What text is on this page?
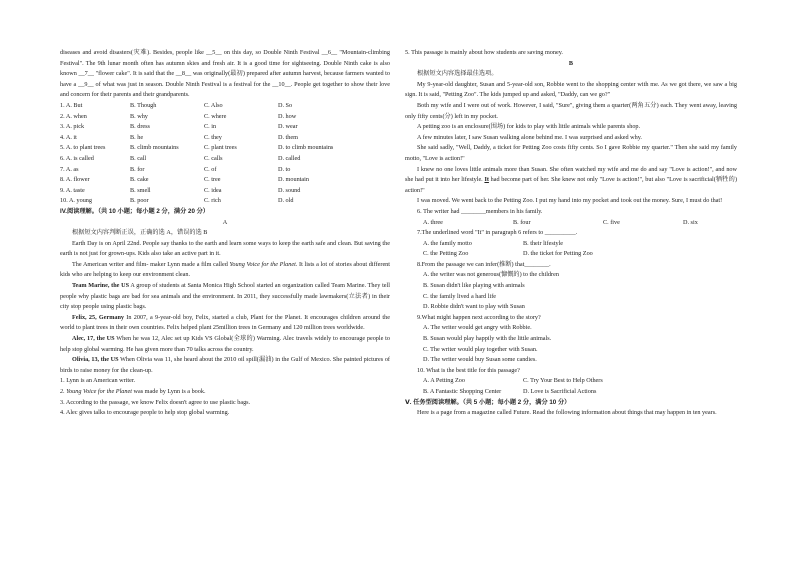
diseases and avoid disasters(灾难). Besides, people like __5__ on this day, so Double Ninth Festival __6__ "Mountain-climbing Festival". The 9th lunar month often has autumn skies and fresh air. It is a good time for sightseeing. Double Ninth cake is also known __7__ "flower cake". It is said that the __8__ was originally(最初) prepared after autumn harvest, because farmers wanted to have a __9__ of what was just in season. Double Ninth Festival is a festival for the __10__. People get together to show their love and concern for their parents and their grandparents.

1. A. But	B. Though	C. Also	D. So
2. A. when	B. why	C. where	D. how
3. A. pick	B. dress	C. in	D. wear
4. A. it	B. he	C. they	D. them
5. A. to plant trees	B. climb mountains	C. plant trees	D. to climb mountains
6. A. is called	B. call	C. calls	D. called
7. A. as	B. for	C. of	D. to
8. A. flower	B. cake	C. tree	D. mountain
9. A. taste	B. smell	C. idea	D. sound
10. A. young	B. poor	C. rich	D. old

IV.阅读理解。（共 10 小题；每小题 2 分，满分 20 分）

A

根据短文内容判断正误，正确的选 A，错误的选 B

Earth Day is on April 22nd. People say thanks to the earth and learn some ways to keep the earth safe and clean. But saving the earth is not just for grown-ups. Kids also take an active part in it.

The American writer and film- maker Lynn made a film called Young Voice for the Planet. It lists a lot of stories about different kids who are helping to keep our environment clean.

Team Marine, the US A group of students at Santa Monica High School started an organization called Team Marine. They tell people why plastic bags are bad for sea animals and the environment. In 2011, they successfully made lawmakers(立法者) in their city stop people using plastic bags.

Felix, 25, Germany In 2007, a 9-year-old boy, Felix, started a club, Plant for the Planet. It encourages children around the world to plant trees in their own countries. Felix helped plant 25million trees in Germany and 120 million trees worldwide.

Alec, 17, the US When he was 12, Alec set up Kids VS Global(全球的) Warming. Alec travels widely to encourage people to help stop global warming. He has given more than 70 talks across the country.

Olivia, 13, the US When Olivia was 11, she heard about the 2010 oil spill(漏油) in the Gulf of Mexico. She painted pictures of birds to raise money for the clean-up.

1. Lynn is an American writer.

2. Young Voice for the Planet was made by Lynn is a book.

3. According to the passage, we know Felix doesn't agree to use plastic bags.

4. Alec gives talks to encourage people to help stop global warming.

5. This passage is mainly about how students are saving money.

B

根据短文内容选择最佳选项。

My 9-year-old daughter, Susan and 5-year-old son, Robbie went to the shopping center with me. As we got there, we saw a big sign. It is said, "Petting Zoo". The kids jumped up and asked, "Daddy, can we go?"

Both my wife and I were out of work. However, I said, "Sure", giving them a quarter(两角五分) each. They went away, leaving only fifty cents(分) left in my pocket.

A petting zoo is an enclosure(围场) for kids to play with little animals while parents shop.

A few minutes later, I saw Susan walking alone behind me. I was surprised and asked why.

She said sadly, "Well, Daddy, a ticket for Petting Zoo costs fifty cents. So I gave Robbie my quarter." Then she said my family motto, "Love is action!"

I knew no one loves little animals more than Susan. She often watched my wife and me do and say "Love is action!", and now she had put it into her lifestyle. It had become part of her. She knew not only "Love is action!", but also "Love is sacrificial(牺牲的) action!"

I was moved. We went back to the Petting Zoo. I put my hand into my pocket and took out the money. Sure, I must do that!

6. The writer had ________members in his family.

A. three	B. four	C. five	D. six

7.The underlined word "It" in paragraph 6 refers to __________.

A. the family motto	B. their lifestyle
C. the Petting Zoo	D. the ticket for Petting Zoo

8.From the passage we can infer(推断) that________.

A. the writer was not generous(慷慨的) to the children

B. Susan didn't like playing with animals

C. the family lived a hard life

D. Robbie didn't want to play with Susan

9.What might happen next according to the story?

A. The writer would get angry with Robbie.

B. Susan would play happily with the little animals.

C. The writer would play together with Susan.

D. The writer would buy Susan some candies.

10. What is the best title for this passage?

A. A Petting Zoo	C. Try Your Best to Help Others
B. A Fantastic Shopping Center	D. Love is Sacrificial Actions

Ⅴ. 任务型阅读理解。（共 5 小题；每小题 2 分，满分 10 分）

Here is a page from a magazine called Future. Read the following information about things that may happen in ten years.
